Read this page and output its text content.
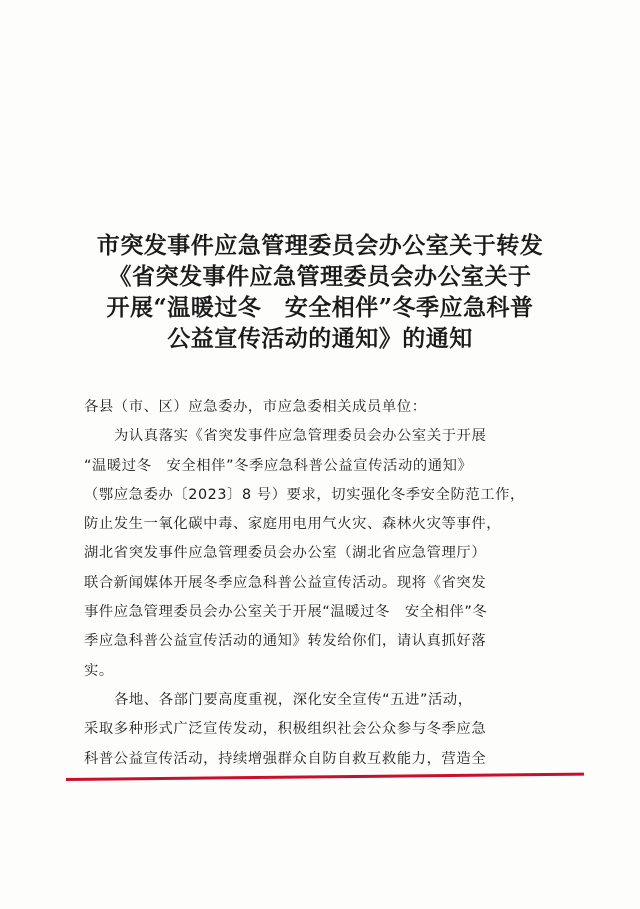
市突发事件应急管理委员会办公室关于转发
《省突发事件应急管理委员会办公室关于
开展“温暖过冬　安全相伴”冬季应急科普
公益宣传活动的通知》的通知
各县（市、区）应急委办，市应急委相关成员单位：
为认真落实《省突发事件应急管理委员会办公室关于开展
“温暖过冬　安全相伴”冬季应急科普公益宣传活动的通知》
（鄂应急委办〔2023〕8 号）要求，切实强化冬季安全防范工作，
防止发生一氧化碳中毒、家庭用电用气火灾、森林火灾等事件，
湖北省突发事件应急管理委员会办公室（湖北省应急管理厅）
联合新闻媒体开展冬季应急科普公益宣传活动。现将《省突发
事件应急管理委员会办公室关于开展“温暖过冬　安全相伴”冬
季应急科普公益宣传活动的通知》转发给你们，请认真抓好落
实。
各地、各部门要高度重视，深化安全宣传“五进”活动，
采取多种形式广泛宣传发动，积极组织社会公众参与冬季应急
科普公益宣传活动，持续增强群众自防自救互救能力，营造全
